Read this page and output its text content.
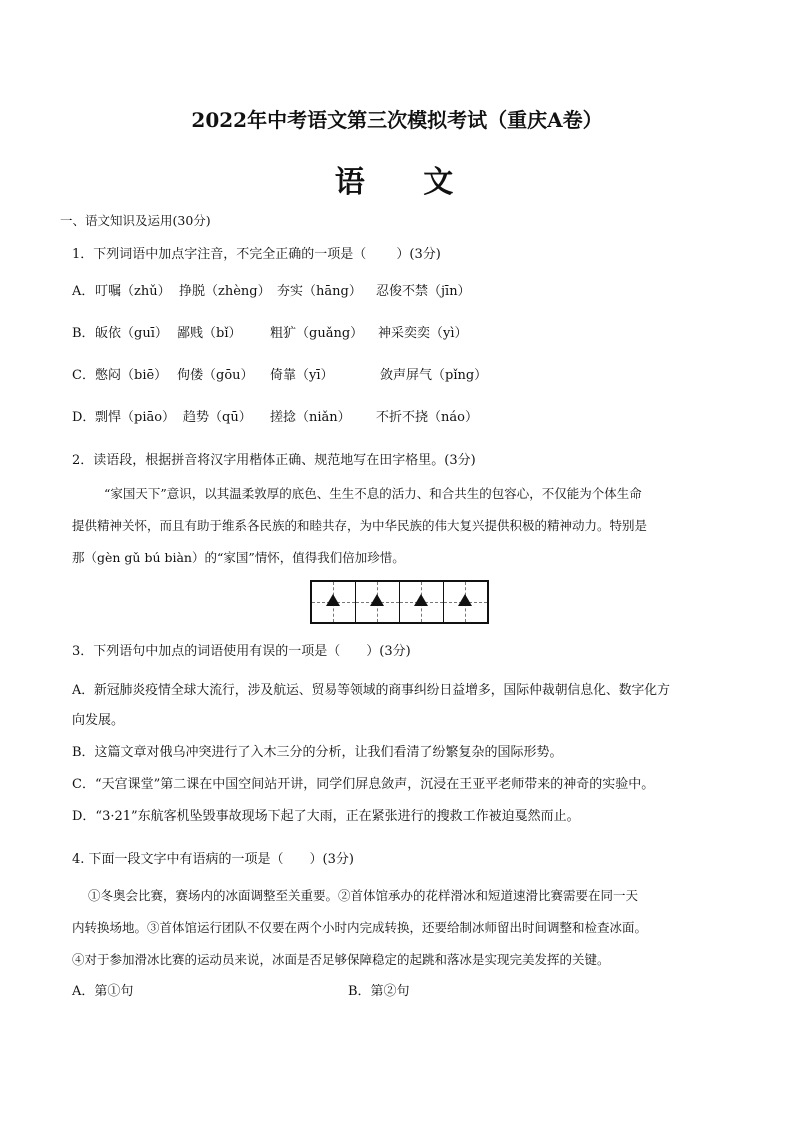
2022年中考语文第三次模拟考试（重庆A卷）
语　 文
一、语文知识及运用(30分)
1．下列词语中加点字注音，不完全正确的一项是（　　 ）(3分)
A． 叮嘱（zhǔ） 挣脱（zhèng） 夯实（hāng） 忍俊不禁（jīn）
B． 皈依（guī） 鄙贱（bǐ） 粗犷（guǎng） 神采奕奕（yì）
C． 憋闷（biē） 佝偻（gōu） 倚靠（yī）	敛声屏气（pǐng）
D． 剽悍（piāo） 趋势（qū） 搓捻（niǎn） 不折不挠（náo）
2．读语段，根据拼音将汉字用楷体正确、规范地写在田字格里。(3分)
“家国天下”意识，以其温柔敦厚的底色、生生不息的活力、和合共生的包容心，不仅能为个体生命
提供精神关怀，而且有助于维系各民族的和睦共存，为中华民族的伟大复兴提供积极的精神动力。特别是
那（gèn gǔ bú biàn）的“家国”情怀，值得我们倍加珍惜。
3．下列语句中加点的词语使用有误的一项是（　　）(3分)
A．新冠肺炎疫情全球大流行，涉及航运、贸易等领域的商事纠纷日益增多，国际仲裁朝信息化、数字化方
向发展。
B．这篇文章对俄乌冲突进行了入木三分的分析，让我们看清了纷繁复杂的国际形势。
C．“天宫课堂”第二课在中国空间站开讲，同学们屏息敛声，沉浸在王亚平老师带来的神奇的实验中。
D．“3·21”东航客机坠毁事故现场下起了大雨，正在紧张进行的搜救工作被迫戛然而止。
4. 下面一段文字中有语病的一项是（　　）(3分)
①冬奥会比赛，赛场内的冰面调整至关重要。②首体馆承办的花样滑冰和短道速滑比赛需要在同一天
内转换场地。③首体馆运行团队不仅要在两个小时内完成转换，还要给制冰师留出时间调整和检查冰面。
④对于参加滑冰比赛的运动员来说，冰面是否足够保障稳定的起跳和落冰是实现完美发挥的关键。
A．第①句	B．第②句
